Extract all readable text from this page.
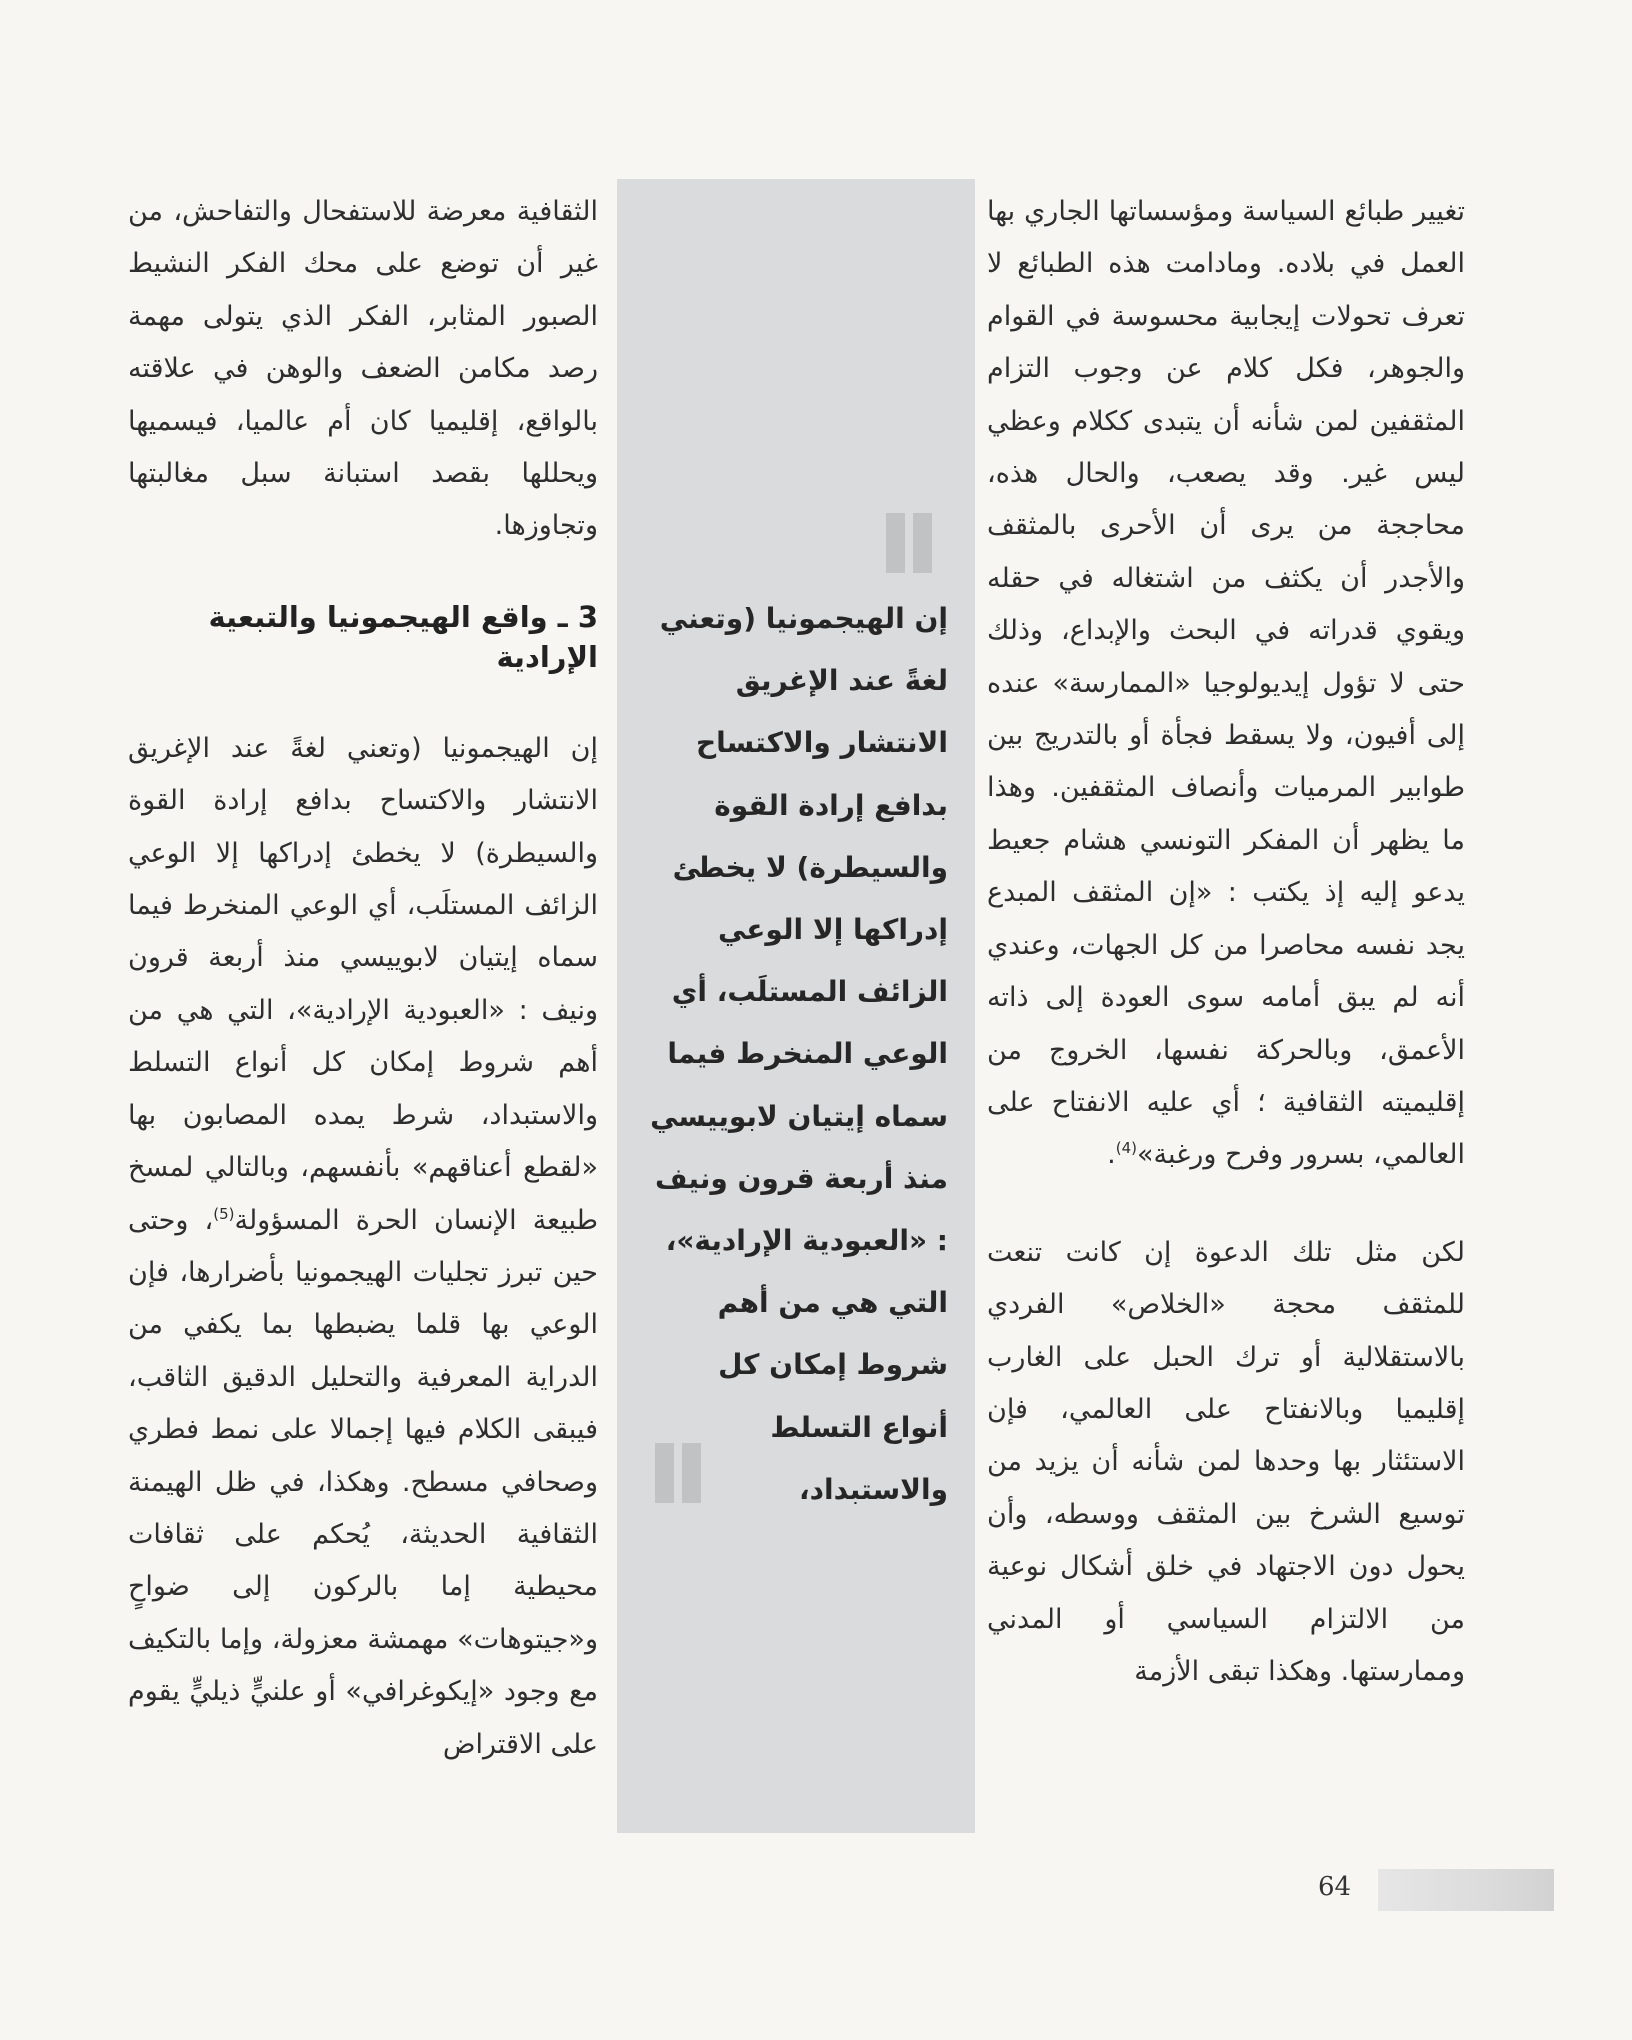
تغيير طبائع السياسة ومؤسساتها الجاري بها العمل في بلاده. ومادامت هذه الطبائع لا تعرف تحولات إيجابية محسوسة في القوام والجوهر، فكل كلام عن وجوب التزام المثقفين لمن شأنه أن يتبدى ككلام وعظي ليس غير. وقد يصعب، والحال هذه، محاججة من يرى أن الأحرى بالمثقف والأجدر أن يكثف من اشتغاله في حقله ويقوي قدراته في البحث والإبداع، وذلك حتى لا تؤول إيديولوجيا «الممارسة» عنده إلى أفيون، ولا يسقط فجأة أو بالتدريج بين طوابير المرميات وأنصاف المثقفين. وهذا ما يظهر أن المفكر التونسي هشام جعيط يدعو إليه إذ يكتب : «إن المثقف المبدع يجد نفسه محاصرا من كل الجهات، وعندي أنه لم يبق أمامه سوى العودة إلى ذاته الأعمق، وبالحركة نفسها، الخروج من إقليميته الثقافية ؛ أي عليه الانفتاح على العالمي، بسرور وفرح ورغبة»$^{(4)}$.

لكن مثل تلك الدعوة إن كانت تنعت للمثقف محجة «الخلاص» الفردي بالاستقلالية أو ترك الحبل على الغارب إقليميا وبالانفتاح على العالمي، فإن الاستئثار بها وحدها لمن شأنه أن يزيد من توسيع الشرخ بين المثقف ووسطه، وأن يحول دون الاجتهاد في خلق أشكال نوعية من الالتزام السياسي أو المدني وممارستها. وهكذا تبقى الأزمة

إن الهيجمونيا (وتعني لغةً عند الإغريق الانتشار والاكتساح بدافع إرادة القوة والسيطرة) لا يخطئ إدراكها إلا الوعي الزائف المستلَب، أي الوعي المنخرط فيما سماه إيتيان لابوييسي منذ أربعة قرون ونيف : «العبودية الإرادية»، التي هي من أهم شروط إمكان كل أنواع التسلط والاستبداد،

الثقافية معرضة للاستفحال والتفاحش، من غير أن توضع على محك الفكر النشيط الصبور المثابر، الفكر الذي يتولى مهمة رصد مكامن الضعف والوهن في علاقته بالواقع، إقليميا كان أم عالميا، فيسميها ويحللها بقصد استبانة سبل مغالبتها وتجاوزها.

3 ـ واقع الهيجمونيا والتبعية الإرادية

إن الهيجمونيا (وتعني لغةً عند الإغريق الانتشار والاكتساح بدافع إرادة القوة والسيطرة) لا يخطئ إدراكها إلا الوعي الزائف المستلَب، أي الوعي المنخرط فيما سماه إيتيان لابوييسي منذ أربعة قرون ونيف : «العبودية الإرادية»، التي هي من أهم شروط إمكان كل أنواع التسلط والاستبداد، شرط يمده المصابون بها «لقطع أعناقهم» بأنفسهم، وبالتالي لمسخ طبيعة الإنسان الحرة المسؤولة$^{(5)}$، وحتى حين تبرز تجليات الهيجمونيا بأضرارها، فإن الوعي بها قلما يضبطها بما يكفي من الدراية المعرفية والتحليل الدقيق الثاقب، فيبقى الكلام فيها إجمالا على نمط فطري وصحافي مسطح. وهكذا، في ظل الهيمنة الثقافية الحديثة، يُحكم على ثقافات محيطية إما بالركون إلى ضواحٍ و«جيتوهات» مهمشة معزولة، وإما بالتكيف مع وجود «إيكوغرافي» أو علنيٍّ ذيليٍّ يقوم على الاقتراض

64
